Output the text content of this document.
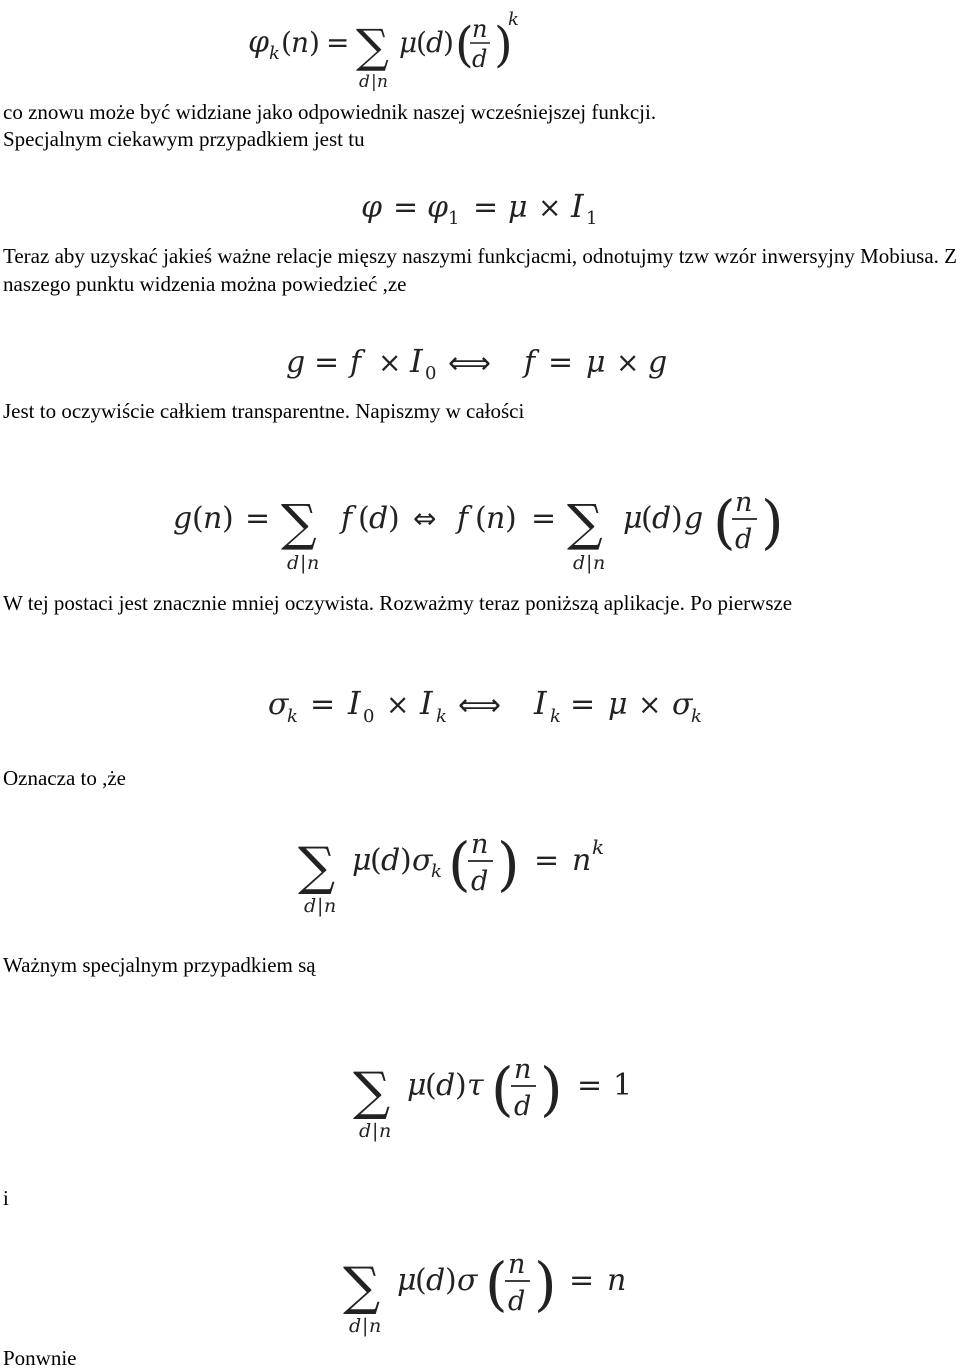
φ k ( n ) = ∑
d | n
μ
( d ) (
n
d )
k

co znowu może być widziane jako odpowiednik naszej wcześniejszej funkcji.

Specjalnym ciekawym przypadkiem jest tu

φ = φ 1 = μ × I 1

Teraz aby uzyskać jakieś ważne relacje mięszy naszymi funkcjacmi, odnotujmy tzw wzór inwersyjny Mobiusa. Z naszego punktu widzenia można powiedzieć ,ze

g = f × I 0 ⟺ f = μ × g

Jest to oczywiście całkiem transparentne. Napiszmy w całości

g ( n ) = ∑
d | n
f ( d ) ⇔ f ( n ) = ∑
d | n
μ
( d ) g ( n
d )

W tej postaci jest znacznie mniej oczywista. Rozważmy teraz poniższą aplikacje. Po pierwsze

σ
k = I 0 × I k ⟺ I k = μ × σ
k

Oznacza to ,że

∑
d | n
μ
( d ) σ
k ( n
d ) = n k

Ważnym specjalnym przypadkiem są

∑
d | n
μ
( d ) τ ( n
d ) = 1

i

∑
d | n
μ
( d ) σ ( n
d ) = n

Ponwnie
